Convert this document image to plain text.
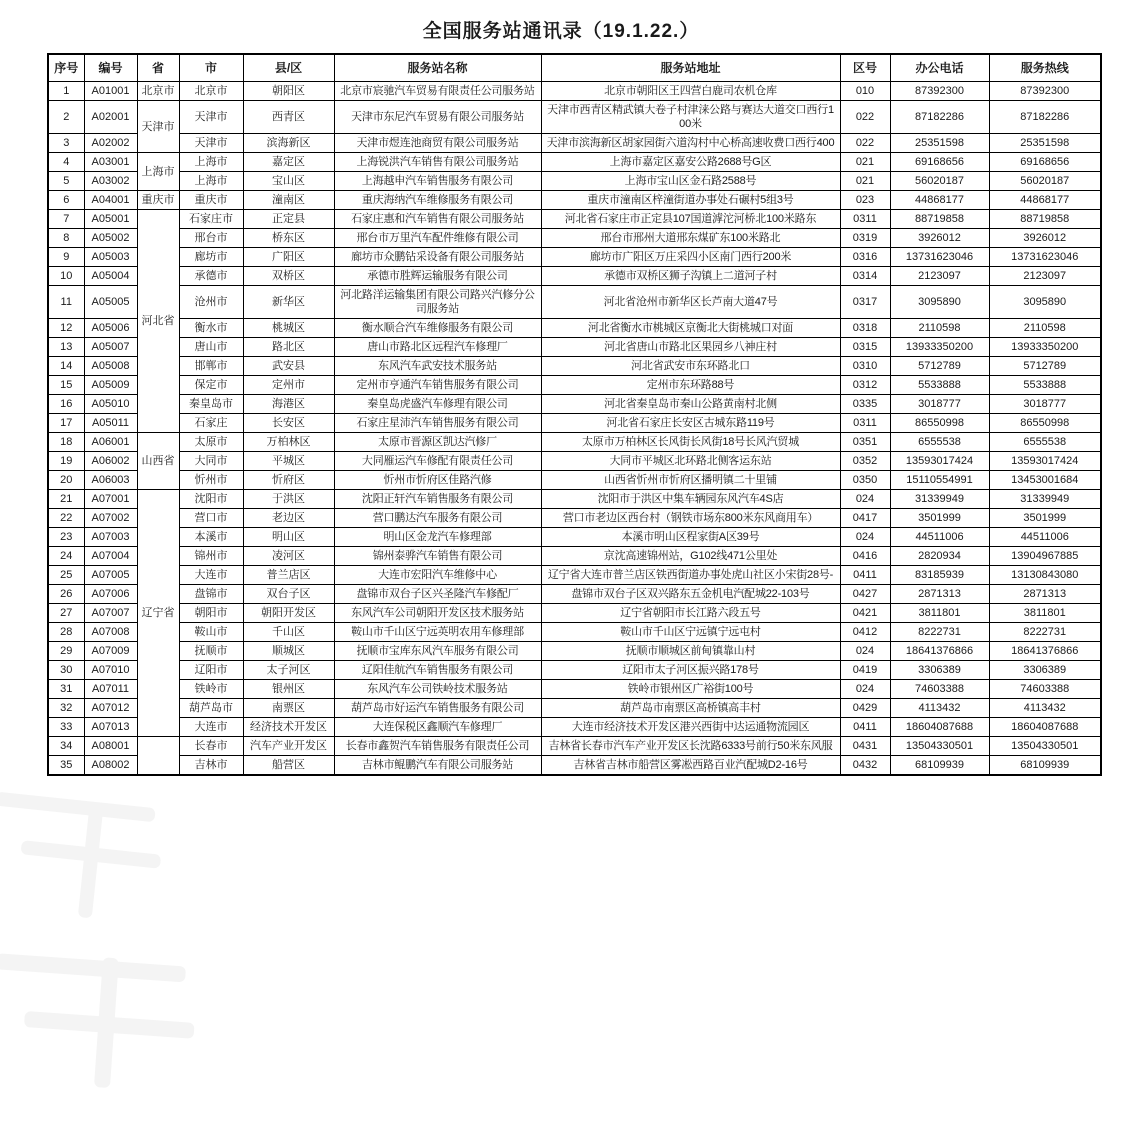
全国服务站通讯录（19.1.22.）
序号	编号	省	市	县/区	服务站名称	服务站地址	区号	办公电话	服务热线
1	A01001	北京市	北京市	朝阳区	北京市宸驰汽车贸易有限责任公司服务站	北京市朝阳区王四营白鹿司农机仓库	010	87392300	87392300
2	A02001	天津市	天津市	西青区	天津市东尼汽车贸易有限公司服务站	天津市西青区精武镇大卷子村津涞公路与赛达大道交口西行100米	022	87182286	87182286
3	A02002		天津市	滨海新区	天津市煜连池商贸有限公司服务站	天津市滨海新区胡家园街六道沟村中心桥高速收费口西行400	022	25351598	25351598
4	A03001	上海市	上海市	嘉定区	上海锐洪汽车销售有限公司服务站	上海市嘉定区嘉安公路2688号G区	021	69168656	69168656
5	A03002		上海市	宝山区	上海越申汽车销售服务有限公司	上海市宝山区金石路2588号	021	56020187	56020187
6	A04001	重庆市	重庆市	潼南区	重庆海纳汽车维修服务有限公司	重庆市潼南区梓潼街道办事处石碾村5组3号	023	44868177	44868177
7	A05001	河北省	石家庄市	正定县	石家庄惠和汽车销售有限公司服务站	河北省石家庄市正定县107国道滹沱河桥北100米路东	0311	88719858	88719858
8	A05002		邢台市	桥东区	邢台市万里汽车配件维修有限公司	邢台市邢州大道邢东煤矿东100米路北	0319	3926012	3926012
9	A05003		廊坊市	广阳区	廊坊市众鹏钻采设备有限公司服务站	廊坊市广阳区万庄采四小区南门西行200米	0316	13731623046	13731623046
10	A05004		承德市	双桥区	承德市胜辉运输服务有限公司	承德市双桥区狮子沟镇上二道河子村	0314	2123097	2123097
11	A05005		沧州市	新华区	河北路洋运输集团有限公司路兴汽修分公司服务站	河北省沧州市新华区长芦南大道47号	0317	3095890	3095890
12	A05006		衡水市	桃城区	衡水顺合汽车维修服务有限公司	河北省衡水市桃城区京衡北大街桃城口对面	0318	2110598	2110598
13	A05007		唐山市	路北区	唐山市路北区远程汽车修理厂	河北省唐山市路北区果园乡八神庄村	0315	13933350200	13933350200
14	A05008		邯郸市	武安县	东风汽车武安技术服务站	河北省武安市东环路北口	0310	5712789	5712789
15	A05009		保定市	定州市	定州市亨通汽车销售服务有限公司	定州市东环路88号	0312	5533888	5533888
16	A05010		秦皇岛市	海港区	秦皇岛虎盛汽车修理有限公司	河北省秦皇岛市秦山公路黄南村北侧	0335	3018777	3018777
17	A05011		石家庄	长安区	石家庄星沛汽车销售服务有限公司	河北省石家庄长安区古城东路119号	0311	86550998	86550998
18	A06001	山西省	太原市	万柏林区	太原市晋源区凯达汽修厂	太原市万柏林区长风街长风街18号长风汽贸城	0351	6555538	6555538
19	A06002		大同市	平城区	大同雁运汽车修配有限责任公司	大同市平城区北环路北侧客运东站	0352	13593017424	13593017424
20	A06003		忻州市	忻府区	忻州市忻府区佳路汽修	山西省忻州市忻府区播明镇二十里铺	0350	15110554991	13453001684
21	A07001	辽宁省	沈阳市	于洪区	沈阳正轩汽车销售服务有限公司	沈阳市于洪区中集车辆园东风汽车4S店	024	31339949	31339949
22	A07002		营口市	老边区	营口鹏达汽车服务有限公司	营口市老边区西台村（钢铁市场东800米东风商用车）	0417	3501999	3501999
23	A07003		本溪市	明山区	明山区金龙汽车修理部	本溪市明山区程家街A区39号	024	44511006	44511006
24	A07004		锦州市	凌河区	锦州泰骅汽车销售有限公司	京沈高速锦州站，G102线471公里处	0416	2820934	13904967885
25	A07005		大连市	普兰店区	大连市宏阳汽车维修中心	辽宁省大连市普兰店区铁西街道办事处虎山社区小宋街28号-	0411	83185939	13130843080
26	A07006		盘锦市	双台子区	盘锦市双台子区兴圣隆汽车修配厂	盘锦市双台子区双兴路东五金机电汽配城22-103号	0427	2871313	2871313
27	A07007		朝阳市	朝阳开发区	东风汽车公司朝阳开发区技术服务站	辽宁省朝阳市长江路六段五号	0421	3811801	3811801
28	A07008		鞍山市	千山区	鞍山市千山区宁远英明农用车修理部	鞍山市千山区宁远镇宁远屯村	0412	8222731	8222731
29	A07009		抚顺市	顺城区	抚顺市宝库东风汽车服务有限公司	抚顺市顺城区前甸镇靠山村	024	18641376866	18641376866
30	A07010		辽阳市	太子河区	辽阳佳航汽车销售服务有限公司	辽阳市太子河区振兴路178号	0419	3306389	3306389
31	A07011		铁岭市	银州区	东风汽车公司铁岭技术服务站	铁岭市银州区广裕街100号	024	74603388	74603388
32	A07012		葫芦岛市	南票区	葫芦岛市好运汽车销售服务有限公司	葫芦岛市南票区高桥镇高丰村	0429	4113432	4113432
33	A07013		大连市	经济技术开发区	大连保税区鑫顺汽车修理厂	大连市经济技术开发区港兴西街中达运通物流园区	0411	18604087688	18604087688
34	A08001		长春市	汽车产业开发区	长春市鑫贺汽车销售服务有限责任公司	吉林省长春市汽车产业开发区长沈路6333号前行50米东风服	0431	13504330501	13504330501
35	A08002		吉林市	船营区	吉林市鲲鹏汽车有限公司服务站	吉林省吉林市船营区雾凇西路百业汽配城D2-16号	0432	68109939	68109939
